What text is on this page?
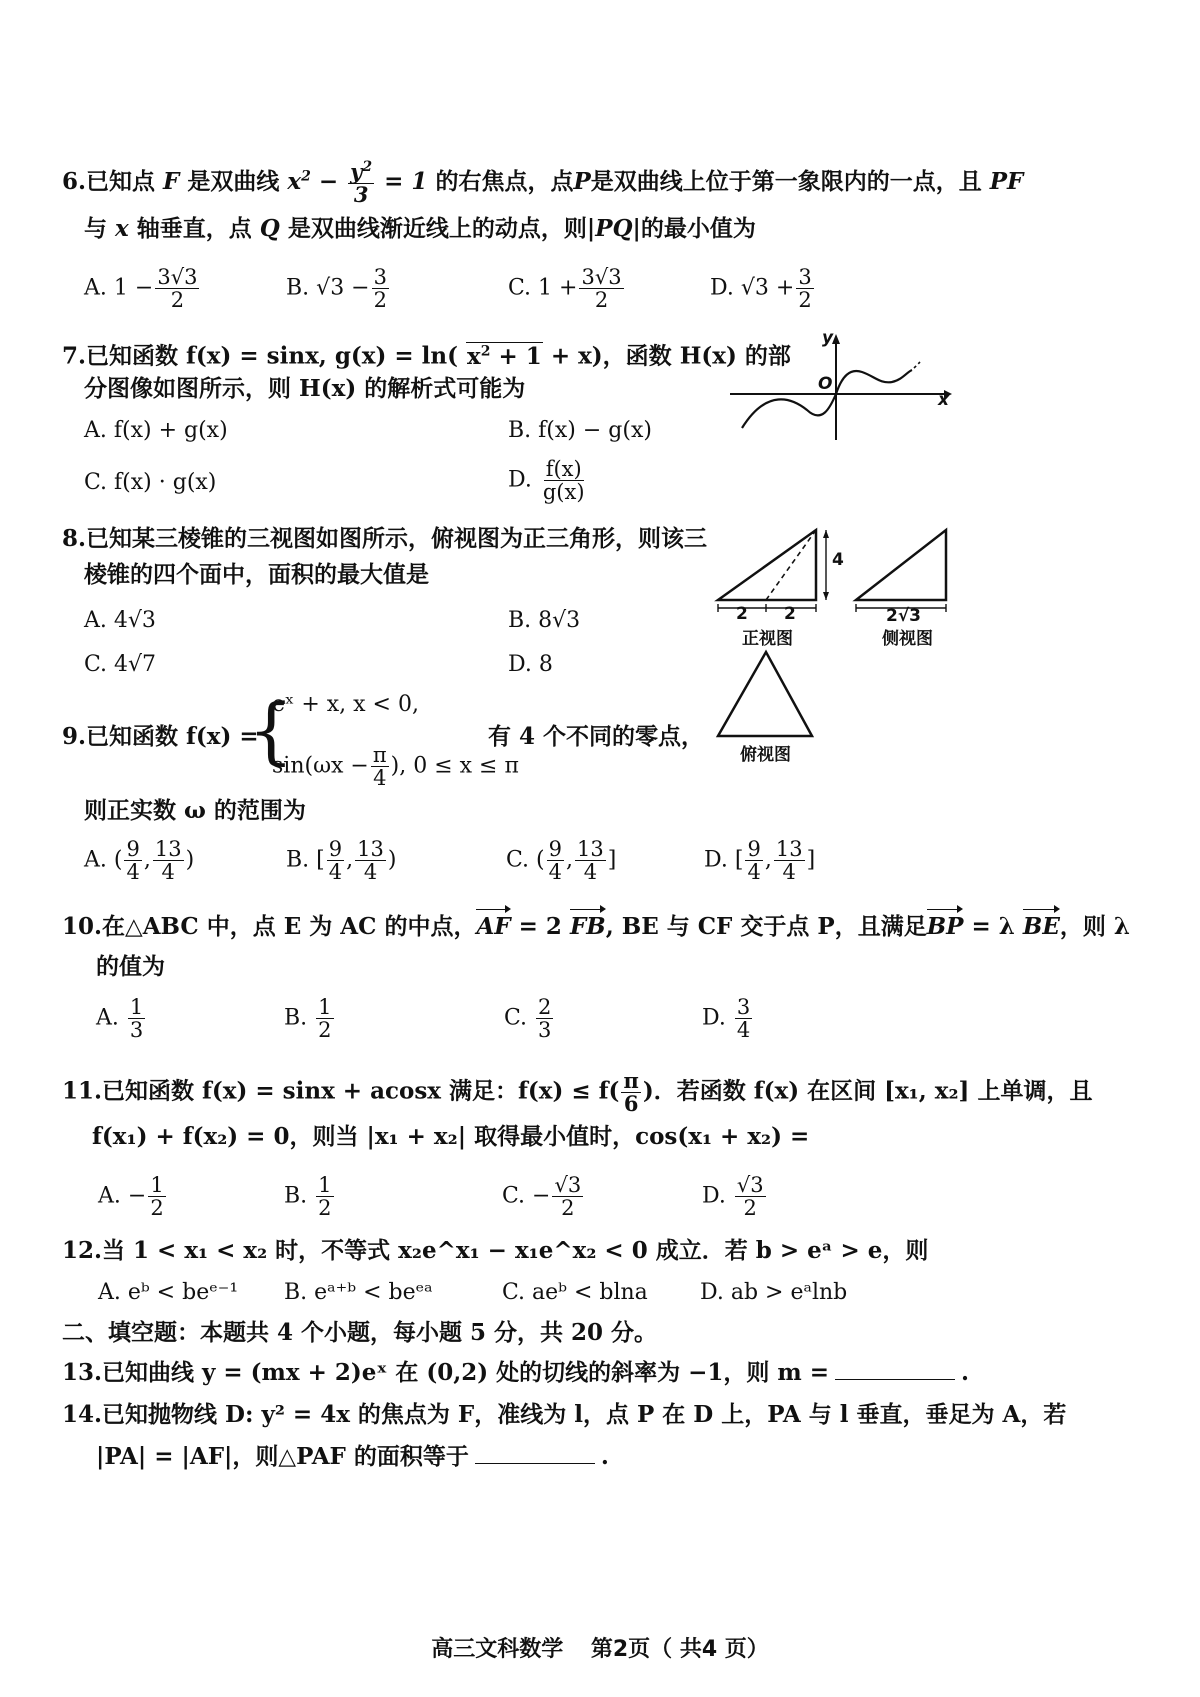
6.已知点 F 是双曲线 $x^2 - \frac{y^2}{3} = 1$ 的右焦点，点P是双曲线上位于第一象限内的一点，且 PF
与 x 轴垂直，点 Q 是双曲线渐近线上的动点，则|PQ|的最小值为
A. $1 - \frac{3√3}{2}$	B. $√3 - \frac{3}{2}$	C. $1 + \frac{3√3}{2}$	D. $√3 + \frac{3}{2}$
7.已知函数 f(x) = sinx, g(x) = ln( $x^2 + 1 + x$)，函数 H(x) 的部
分图像如图所示，则 H(x) 的解析式可能为
A. f(x) + g(x)	B. f(x) − g(x)
C. f(x) · g(x)	D. $\frac{f(x)}{g(x)}$
y
O
x
8.已知某三棱锥的三视图如图所示，俯视图为正三角形，则该三
棱锥的四个面中，面积的最大值是
A. 4√3	B. 8√3
C. 4√7	D. 8
4
2 2	2√3
正视图	侧视图
俯视图
9.已知函数 f(x) =
{
eˣ + x, x < 0,
$\sin(\omega x - \frac{\pi}{4}$ ), 0 ≤ x ≤ π
有 4 个不同的零点，
则正实数 ω 的范围为
A. ( $\frac{9}{4}$ , $\frac{13}{4}$ )	B. [ $\frac{9}{4}$ , $\frac{13}{4}$ )	C. ( $\frac{9}{4}$ , $\frac{13}{4}$ ]	D. [ $\frac{9}{4}$ , $\frac{13}{4}$ ]
10.在△ABC 中，点 E 为 AC 的中点，AF = 2 FB, BE 与 CF 交于点 P，且满足BP = λ BE，则 λ
的值为
A. $\frac{1}{3}$	B. $\frac{1}{2}$	C. $\frac{2}{3}$	D. $\frac{3}{4}$
11.已知函数 f(x) = sinx + acosx 满足：$f(x) \le f( \frac{\pi}{6}$ )．若函数 f(x) 在区间 [x₁, x₂] 上单调，且
f(x₁) + f(x₂) = 0，则当 |x₁ + x₂| 取得最小值时，cos(x₁ + x₂) =
A. − $\frac{1}{2}$	B. $\frac{1}{2}$	C. − $\frac{√3}{2}$	D. $\frac{√3}{2}$
12.当 1 < x₁ < x₂ 时，不等式 x₂e^x₁ − x₁e^x₂ < 0 成立．若 b > eᵃ > e，则
A. eᵇ < beᵉ⁻¹ B. eᵃ⁺ᵇ < beᵉᵃ	C. aeᵇ < blna D. ab > eᵃlnb
二、填空题：本题共 4 个小题，每小题 5 分，共 20 分。
13.已知曲线 y = (mx + 2)eˣ 在 (0,2) 处的切线的斜率为 −1，则 m =	.
14.已知抛物线 D: y² = 4x 的焦点为 F，准线为 l，点 P 在 D 上，PA 与 l 垂直，垂足为 A，若
|PA| = |AF|，则△PAF 的面积等于	.
高三文科数学 第2页（ 共4 页）
